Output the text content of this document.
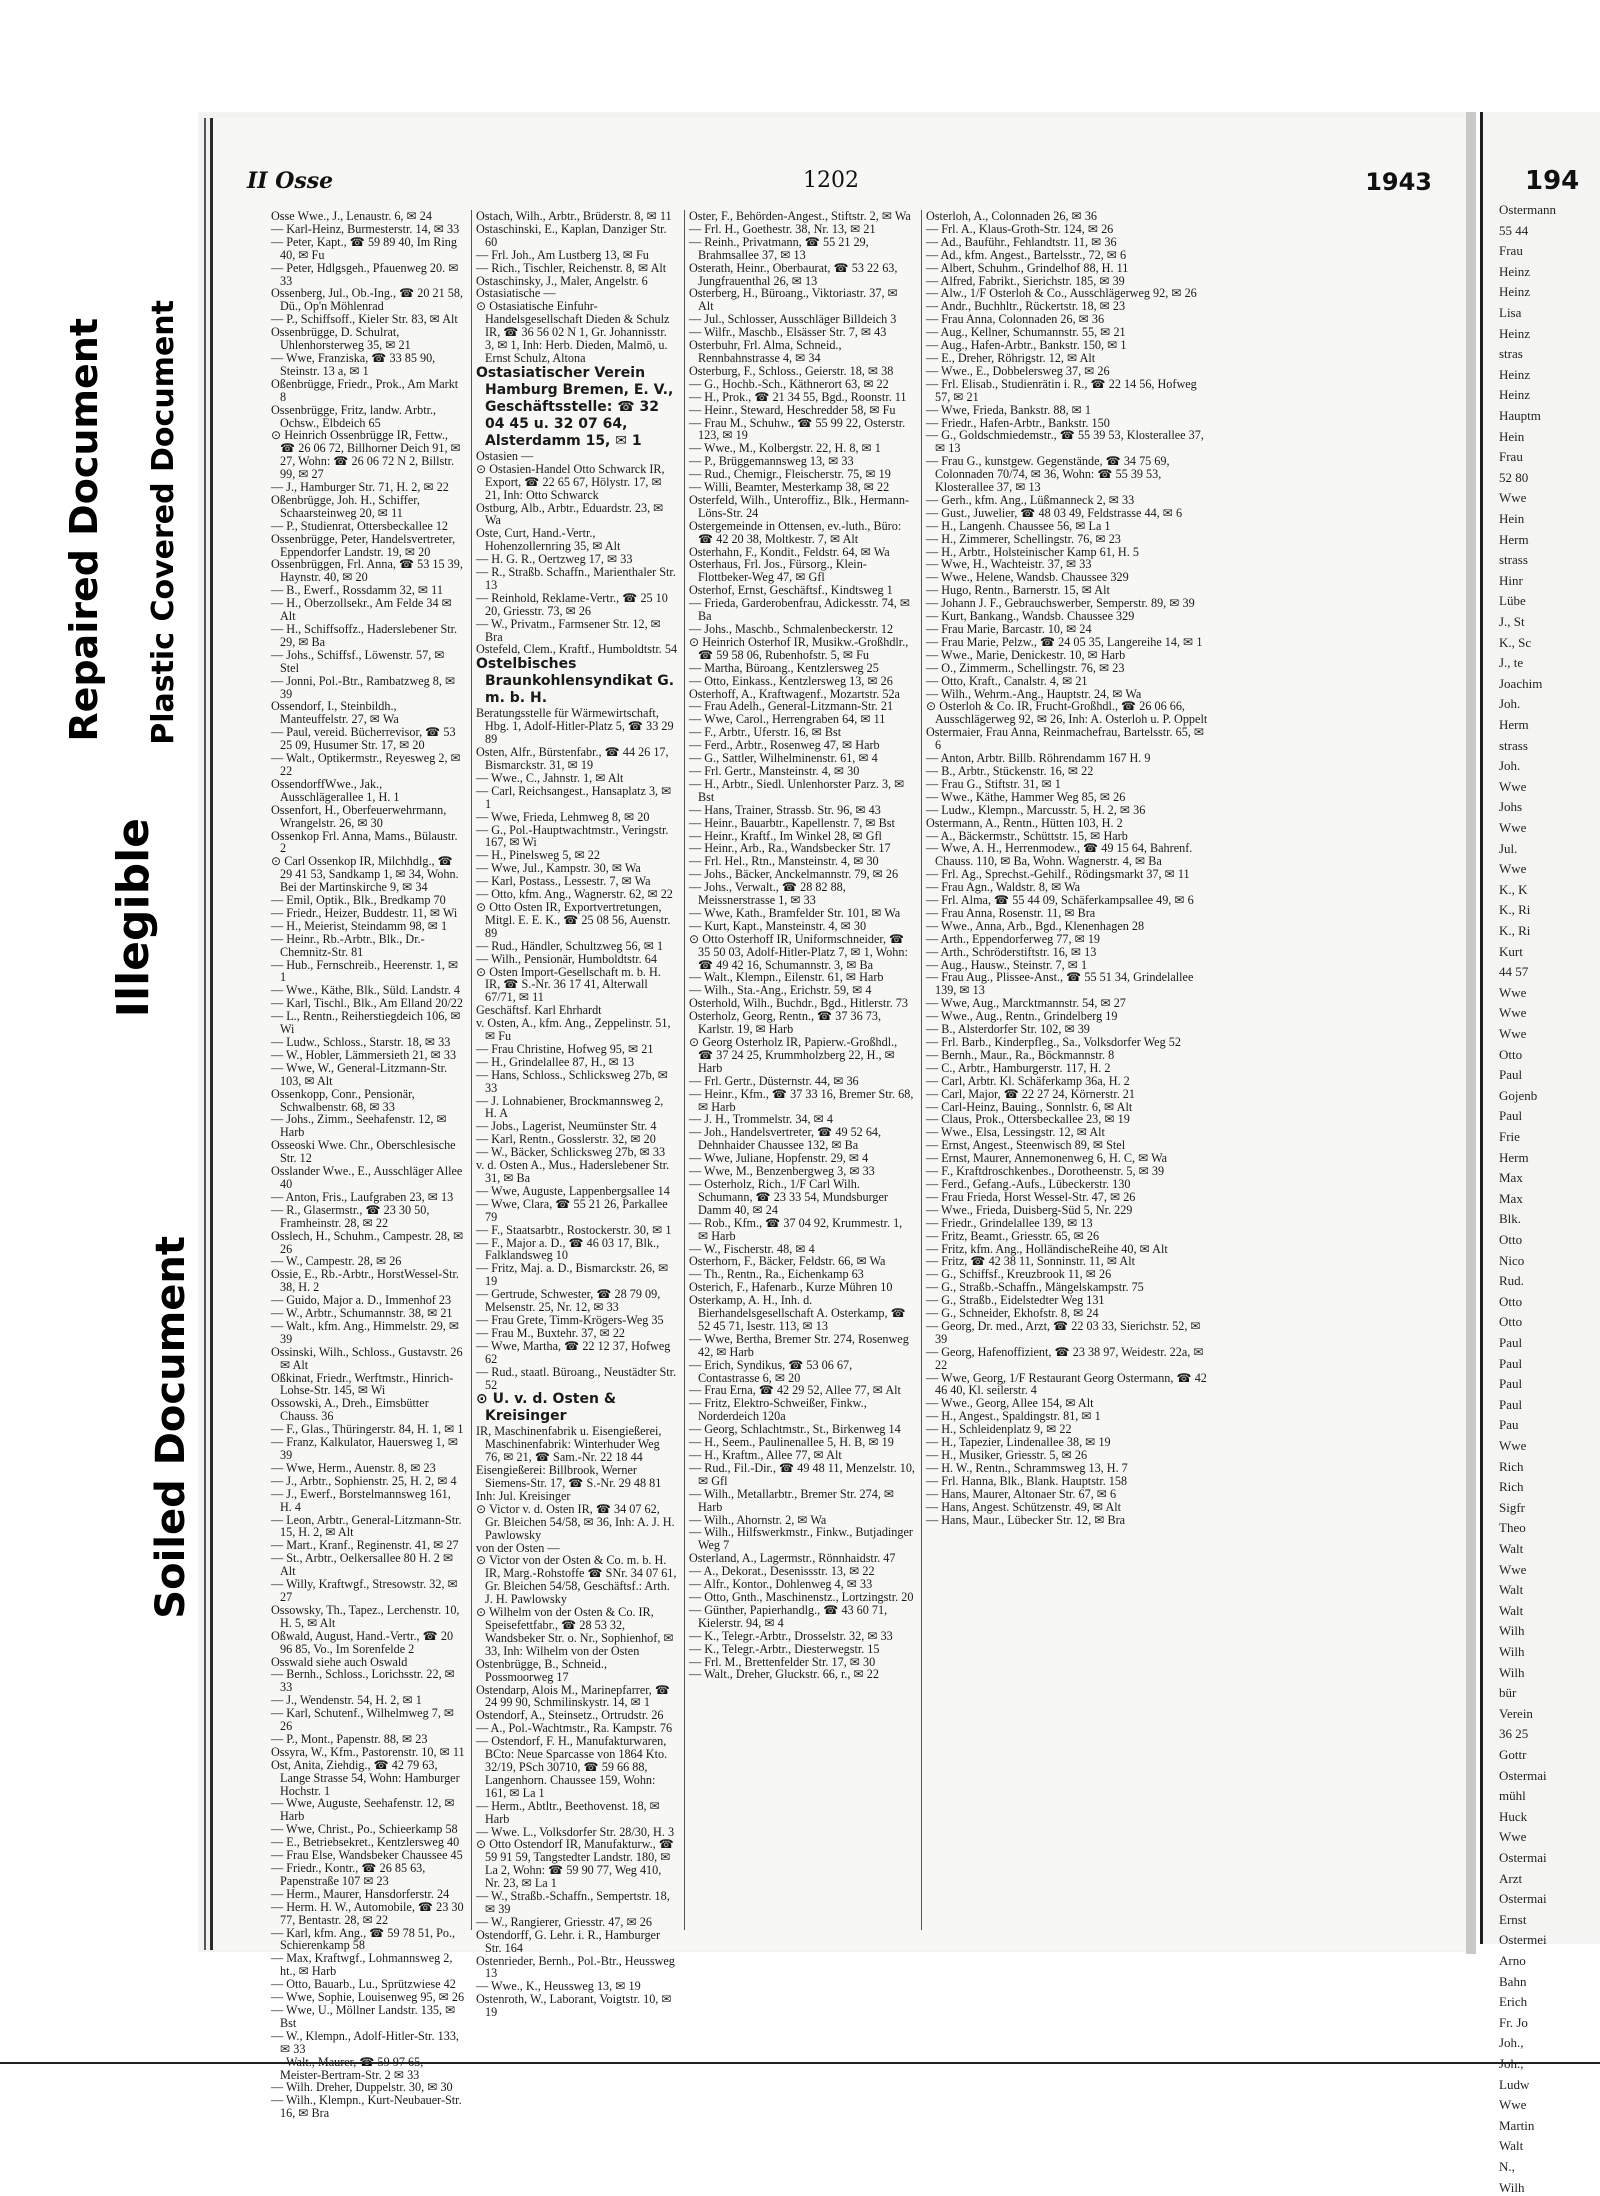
Repaired Document Plastic Covered Document
Illegible
Soiled Document
II Osse	1202	1943

Osse Wwe., J., Lenaustr. 6, ✉ 24

— Karl-Heinz, Burmesterstr. 14, ✉ 33

— Peter, Kapt., ☎ 59 89 40, Im Ring 40, ✉ Fu

— Peter, Hdlgsgeh., Pfauenweg 20. ✉ 33

Ossenberg, Jul., Ob.-Ing., ☎ 20 21 58, Dü., Op'n Möhlenrad

— P., Schiffsoff., Kieler Str. 83, ✉ Alt

Ossenbrügge, D. Schulrat, Uhlenhorsterweg 35, ✉ 21

— Wwe, Franziska, ☎ 33 85 90, Steinstr. 13 a, ✉ 1

Oßenbrügge, Friedr., Prok., Am Markt 8

Ossenbrügge, Fritz, landw. Arbtr., Ochsw., Elbdeich 65

⊙ Heinrich Ossenbrügge IR, Fettw., ☎ 26 06 72, Billhorner Deich 91, ✉ 27, Wohn: ☎ 26 06 72 N 2, Billstr. 99, ✉ 27

— J., Hamburger Str. 71, H. 2, ✉ 22

Oßenbrügge, Joh. H., Schiffer, Schaarsteinweg 20, ✉ 11

— P., Studienrat, Ottersbeckallee 12

Ossenbrügge, Peter, Handelsvertreter, Eppendorfer Landstr. 19, ✉ 20

Ossenbrüggen, Frl. Anna, ☎ 53 15 39, Haynstr. 40, ✉ 20

— B., Ewerf., Rossdamm 32, ✉ 11

— H., Oberzollsekr., Am Felde 34 ✉ Alt

— H., Schiffsoffz., Haderslebener Str. 29, ✉ Ba

— Johs., Schiffsf., Löwenstr. 57, ✉ Stel

— Jonni, Pol.-Btr., Rambatzweg 8, ✉ 39

Ossendorf, I., Steinbildh., Manteuffelstr. 27, ✉ Wa

— Paul, vereid. Bücherrevisor, ☎ 53 25 09, Husumer Str. 17, ✉ 20

— Walt., Optikermstr., Reyesweg 2, ✉ 22

OssendorffWwe., Jak., Ausschlägerallee 1, H. 1

Ossenfort, H., Oberfeuerwehrmann, Wrangelstr. 26, ✉ 30

Ossenkop Frl. Anna, Mams., Bülaustr. 2

⊙ Carl Ossenkop IR, Milchhdlg., ☎ 29 41 53, Sandkamp 1, ✉ 34, Wohn. Bei der Martinskirche 9, ✉ 34

— Emil, Optik., Blk., Bredkamp 70

— Friedr., Heizer, Buddestr. 11, ✉ Wi

— H., Meierist, Steindamm 98, ✉ 1

— Heinr., Rb.-Arbtr., Blk., Dr.-Chemnitz-Str. 81

— Hub., Fernschreib., Heerenstr. 1, ✉ 1

— Wwe., Käthe, Blk., Süld. Landstr. 4

— Karl, Tischl., Blk., Am Elland 20/22

— L., Rentn., Reiherstiegdeich 106, ✉ Wi

— Ludw., Schloss., Starstr. 18, ✉ 33

— W., Hobler, Lämmersieth 21, ✉ 33

— Wwe, W., General-Litzmann-Str. 103, ✉ Alt

Ossenkopp, Conr., Pensionär, Schwalbenstr. 68, ✉ 33

— Johs., Zimm., Seehafenstr. 12, ✉ Harb

Osseoski Wwe. Chr., Oberschlesische Str. 12

Osslander Wwe., E., Ausschläger Allee 40

— Anton, Fris., Laufgraben 23, ✉ 13

— R., Glasermstr., ☎ 23 30 50, Framheinstr. 28, ✉ 22

Osslech, H., Schuhm., Campestr. 28, ✉ 26

— W., Campestr. 28, ✉ 26

Ossie, E., Rb.-Arbtr., HorstWessel-Str. 38, H. 2

— Guido, Major a. D., Immenhof 23

— W., Arbtr., Schumannstr. 38, ✉ 21

— Walt., kfm. Ang., Himmelstr. 29, ✉ 39

Ossinski, Wilh., Schloss., Gustavstr. 26 ✉ Alt

Oßkinat, Friedr., Werftmstr., Hinrich-Lohse-Str. 145, ✉ Wi

Ossowski, A., Dreh., Eimsbütter Chauss. 36

— F., Glas., Thüringerstr. 84, H. 1, ✉ 1

— Franz, Kalkulator, Hauersweg 1, ✉ 39

— Wwe, Herm., Auenstr. 8, ✉ 23

— J., Arbtr., Sophienstr. 25, H. 2, ✉ 4

— J., Ewerf., Borstelmannsweg 161, H. 4

— Leon, Arbtr., General-Litzmann-Str. 15, H. 2, ✉ Alt

— Mart., Kranf., Reginenstr. 41, ✉ 27

— St., Arbtr., Oelkersallee 80 H. 2 ✉ Alt

— Willy, Kraftwgf., Stresowstr. 32, ✉ 27

Ossowsky, Th., Tapez., Lerchenstr. 10, H. 5, ✉ Alt

Oßwald, August, Hand.-Vertr., ☎ 20 96 85, Vo., Im Sorenfelde 2

Osswald siehe auch Oswald

— Bernh., Schloss., Lorichsstr. 22, ✉ 33

— J., Wendenstr. 54, H. 2, ✉ 1

— Karl, Schutenf., Wilhelmweg 7, ✉ 26

— P., Mont., Papenstr. 88, ✉ 23

Ossyra, W., Kfm., Pastorenstr. 10, ✉ 11

Ost, Anita, Ziehdig., ☎ 42 79 63, Lange Strasse 54, Wohn: Hamburger Hochstr. 1

— Wwe, Auguste, Seehafenstr. 12, ✉ Harb

— Wwe, Christ., Po., Schieerkamp 58

— E., Betriebsekret., Kentzlersweg 40

— Frau Else, Wandsbeker Chaussee 45

— Friedr., Kontr., ☎ 26 85 63, Papenstraße 107 ✉ 23

— Herm., Maurer, Hansdorferstr. 24

— Herm. H. W., Automobile, ☎ 23 30 77, Bentastr. 28, ✉ 22

— Karl, kfm. Ang., ☎ 59 78 51, Po., Schierenkamp 58

— Max, Kraftwgf., Lohmannsweg 2, ht., ✉ Harb

— Otto, Bauarb., Lu., Sprützwiese 42

— Wwe, Sophie, Louisenweg 95, ✉ 26

— Wwe, U., Möllner Landstr. 135, ✉ Bst

— W., Klempn., Adolf-Hitler-Str. 133, ✉ 33

Meister-Bertram-Str. 2 ✉ 33

— Wilh. Dreher, Duppelstr. 30, ✉ 30

— Wilh., Klempn., Kurt-Neubauer-Str. 16, ✉ Bra

Ostach, Wilh., Arbtr., Brüderstr. 8, ✉ 11

Ostaschinski, E., Kaplan, Danziger Str. 60

— Frl. Joh., Am Lustberg 13, ✉ Fu

— Rich., Tischler, Reichenstr. 8, ✉ Alt

Ostaschinsky, J., Maler, Angelstr. 6

Ostasiatische —

⊙ Ostasiatische Einfuhr-Handelsgesellschaft Dieden & Schulz IR, ☎ 36 56 02 N 1, Gr. Johannisstr. 3, ✉ 1, Inh: Herb. Dieden, Malmö, u. Ernst Schulz, Altona

Ostasiatischer Verein Hamburg Bremen, E. V., Geschäftsstelle: ☎ 32 04 45 u. 32 07 64, Alsterdamm 15, ✉ 1

Ostasien —

⊙ Ostasien-Handel Otto Schwarck IR, Export, ☎ 22 65 67, Hölystr. 17, ✉ 21, Inh: Otto Schwarck

Ostburg, Alb., Arbtr., Eduardstr. 23, ✉ Wa

Oste, Curt, Hand.-Vertr., Hohenzollernring 35, ✉ Alt

— H. G. R., Oertzweg 17, ✉ 33

— R., Straßb. Schaffn., Marienthaler Str. 13

— Reinhold, Reklame-Vertr., ☎ 25 10 20, Griesstr. 73, ✉ 26

— W., Privatm., Farmsener Str. 12, ✉ Bra

Ostefeld, Clem., Kraftf., Humboldtstr. 54

Ostelbisches Braunkohlensyndikat G. m. b. H.

Beratungsstelle für Wärmewirtschaft, Hbg. 1, Adolf-Hitler-Platz 5, ☎ 33 29 89

Osten, Alfr., Bürstenfabr., ☎ 44 26 17, Bismarckstr. 31, ✉ 19

— Wwe., C., Jahnstr. 1, ✉ Alt

— Carl, Reichsangest., Hansaplatz 3, ✉ 1

— Wwe, Frieda, Lehmweg 8, ✉ 20

— G., Pol.-Hauptwachtmstr., Veringstr. 167, ✉ Wi

— H., Pinelsweg 5, ✉ 22

— Wwe, Jul., Kampstr. 30, ✉ Wa

— Karl, Postass., Lessestr. 7, ✉ Wa

— Otto, kfm. Ang., Wagnerstr. 62, ✉ 22

⊙ Otto Osten IR, Exportvertretungen, Mitgl. E. E. K., ☎ 25 08 56, Auenstr. 89

— Rud., Händler, Schultzweg 56, ✉ 1

— Wilh., Pensionär, Humboldtstr. 64

⊙ Osten Import-Gesellschaft m. b. H. IR, ☎ S.-Nr. 36 17 41, Alterwall 67/71, ✉ 11

Geschäftsf. Karl Ehrhardt

v. Osten, A., kfm. Ang., Zeppelinstr. 51, ✉ Fu

— Frau Christine, Hofweg 95, ✉ 21

— H., Grindelallee 87, H., ✉ 13

— Hans, Schloss., Schlicksweg 27b, ✉ 33

— J. Lohnabiener, Brockmannsweg 2, H. A

— Jobs., Lagerist, Neumünster Str. 4

— Karl, Rentn., Gosslerstr. 32, ✉ 20

— W., Bäcker, Schlicksweg 27b, ✉ 33

v. d. Osten A., Mus., Haderslebener Str. 31, ✉ Ba

— Wwe, Auguste, Lappenbergsallee 14

— Wwe, Clara, ☎ 55 21 26, Parkallee 79

— F., Staatsarbtr., Rostockerstr. 30, ✉ 1

— F., Major a. D., ☎ 46 03 17, Blk., Falklandsweg 10

— Fritz, Maj. a. D., Bismarckstr. 26, ✉ 19

— Gertrude, Schwester, ☎ 28 79 09, Melsenstr. 25, Nr. 12, ✉ 33

— Frau Grete, Timm-Krögers-Weg 35

— Frau M., Buxtehr. 37, ✉ 22

— Wwe, Martha, ☎ 22 12 37, Hofweg 62

— Rud., staatl. Büroang., Neustädter Str. 52

⊙ U. v. d. Osten & Kreisinger

IR, Maschinenfabrik u. Eisengießerei, Maschinenfabrik: Winterhuder Weg 76, ✉ 21, ☎ Sam.-Nr. 22 18 44

Eisengießerei: Billbrook, Werner Siemens-Str. 17, ☎ S.-Nr. 29 48 81

Inh: Jul. Kreisinger

⊙ Victor v. d. Osten IR, ☎ 34 07 62, Gr. Bleichen 54/58, ✉ 36, Inh: A. J. H. Pawlowsky

von der Osten —

⊙ Victor von der Osten & Co. m. b. H. IR, Marg.-Rohstoffe ☎ SNr. 34 07 61, Gr. Bleichen 54/58, Geschäftsf.: Arth. J. H. Pawlowsky

⊙ Wilhelm von der Osten & Co. IR, Speisefettfabr., ☎ 28 53 32, Wandsbeker Str. o. Nr., Sophienhof, ✉ 33, Inh: Wilhelm von der Osten

Ostenbrügge, B., Schneid., Possmoorweg 17

Ostendarp, Alois M., Marinepfarrer, ☎ 24 99 90, Schmilinskystr. 14, ✉ 1

Ostendorf, A., Steinsetz., Ortrudstr. 26

— A., Pol.-Wachtmstr., Ra. Kampstr. 76

— Ostendorf, F. H., Manufakturwaren, BCto: Neue Sparcasse von 1864 Kto. 32/19, PSch 30710, ☎ 59 66 88, Langenhorn. Chaussee 159, Wohn: 161, ✉ La 1

— Herm., Abtltr., Beethovenst. 18, ✉ Harb

— Wwe. L., Volksdorfer Str. 28/30, H. 3

⊙ Otto Ostendorf IR, Manufakturw., ☎ 59 91 59, Tangstedter Landstr. 180, ✉ La 2, Wohn: ☎ 59 90 77, Weg 410, Nr. 23, ✉ La 1

— W., Straßb.-Schaffn., Sempertstr. 18, ✉ 39

— W., Rangierer, Griesstr. 47, ✉ 26

Ostendorff, G. Lehr. i. R., Hamburger Str. 164

Ostenrieder, Bernh., Pol.-Btr., Heussweg 13

— Wwe., K., Heussweg 13, ✉ 19

Ostenroth, W., Laborant, Voigtstr. 10, ✉ 19

Oster, F., Behörden-Angest., Stiftstr. 2, ✉ Wa

— Frl. H., Goethestr. 38, Nr. 13, ✉ 21

— Reinh., Privatmann, ☎ 55 21 29, Brahmsallee 37, ✉ 13

Osterath, Heinr., Oberbaurat, ☎ 53 22 63, Jungfrauenthal 26, ✉ 13

Osterberg, H., Büroang., Viktoriastr. 37, ✉ Alt

— Jul., Schlosser, Ausschläger Billdeich 3

— Wilfr., Maschb., Elsässer Str. 7, ✉ 43

Osterbuhr, Frl. Alma, Schneid., Rennbahnstrasse 4, ✉ 34

Osterburg, F., Schloss., Geierstr. 18, ✉ 38

— G., Hochb.-Sch., Käthnerort 63, ✉ 22

— H., Prok., ☎ 21 34 55, Bgd., Roonstr. 11

— Heinr., Steward, Heschredder 58, ✉ Fu

— Frau M., Schuhw., ☎ 55 99 22, Osterstr. 123, ✉ 19

— Wwe., M., Kolbergstr. 22, H. 8, ✉ 1

— P., Brüggemannsweg 13, ✉ 33

— Rud., Chemigr., Fleischerstr. 75, ✉ 19

— Willi, Beamter, Mesterkamp 38, ✉ 22

Osterfeld, Wilh., Unteroffiz., Blk., Hermann-Löns-Str. 24

Ostergemeinde in Ottensen, ev.-luth., Büro: ☎ 42 20 38, Moltkestr. 7, ✉ Alt

Osterhahn, F., Kondit., Feldstr. 64, ✉ Wa

Osterhaus, Frl. Jos., Fürsorg., Klein-Flottbeker-Weg 47, ✉ Gfl

Osterhof, Ernst, Geschäftsf., Kindtsweg 1

— Frieda, Garderobenfrau, Adickesstr. 74, ✉ Ba

— Johs., Maschb., Schmalenbeckerstr. 12

⊙ Heinrich Osterhof IR, Musikw.-Großhdlr., ☎ 59 58 06, Rubenhofstr. 5, ✉ Fu

— Martha, Büroang., Kentzlersweg 25

— Otto, Einkass., Kentzlersweg 13, ✉ 26

Osterhoff, A., Kraftwagenf., Mozartstr. 52a

— Frau Adelh., General-Litzmann-Str. 21

— Wwe, Carol., Herrengraben 64, ✉ 11

— F., Arbtr., Uferstr. 16, ✉ Bst

— Ferd., Arbtr., Rosenweg 47, ✉ Harb

— G., Sattler, Wilhelminenstr. 61, ✉ 4

— Frl. Gertr., Mansteinstr. 4, ✉ 30

— H., Arbtr., Siedl. Unlenhorster Parz. 3, ✉ Bst

— Hans, Trainer, Strassb. Str. 96, ✉ 43

— Heinr., Bauarbtr., Kapellenstr. 7, ✉ Bst

— Heinr., Kraftf., Im Winkel 28, ✉ Gfl

— Heinr., Arb., Ra., Wandsbecker Str. 17

— Frl. Hel., Rtn., Mansteinstr. 4, ✉ 30

— Johs., Bäcker, Anckelmannstr. 79, ✉ 26

— Johs., Verwalt., ☎ 28 82 88, Meissnerstrasse 1, ✉ 33

— Wwe, Kath., Bramfelder Str. 101, ✉ Wa

— Kurt, Kapt., Mansteinstr. 4, ✉ 30

⊙ Otto Osterhoff IR, Uniformschneider, ☎ 35 50 03, Adolf-Hitler-Platz 7, ✉ 1, Wohn: ☎ 49 42 16, Schumannstr. 3, ✉ Ba

— Walt., Klempn., Eilenstr. 61, ✉ Harb

— Wilh., Sta.-Ang., Erichstr. 59, ✉ 4

Osterhold, Wilh., Buchdr., Bgd., Hitlerstr. 73

Osterholz, Georg, Rentn., ☎ 37 36 73, Karlstr. 19, ✉ Harb

⊙ Georg Osterholz IR, Papierw.-Großhdl., ☎ 37 24 25, Krummholzberg 22, H., ✉ Harb

— Frl. Gertr., Düsternstr. 44, ✉ 36

— Heinr., Kfm., ☎ 37 33 16, Bremer Str. 68, ✉ Harb

— J. H., Trommelstr. 34, ✉ 4

— Joh., Handelsvertreter, ☎ 49 52 64, Dehnhaider Chaussee 132, ✉ Ba

— Wwe, Juliane, Hopfenstr. 29, ✉ 4

— Wwe, M., Benzenbergweg 3, ✉ 33

— Osterholz, Rich., 1/F Carl Wilh. Schumann, ☎ 23 33 54, Mundsburger Damm 40, ✉ 24

— Rob., Kfm., ☎ 37 04 92, Krummestr. 1, ✉ Harb

— W., Fischerstr. 48, ✉ 4

Osterhorn, F., Bäcker, Feldstr. 66, ✉ Wa

— Th., Rentn., Ra., Eichenkamp 63

Osterich, F., Hafenarb., Kurze Mühren 10

Osterkamp, A. H., Inh. d. Bierhandelsgesellschaft A. Osterkamp, ☎ 52 45 71, Isestr. 113, ✉ 13

— Wwe, Bertha, Bremer Str. 274, Rosenweg 42, ✉ Harb

— Erich, Syndikus, ☎ 53 06 67, Contastrasse 6, ✉ 20

— Frau Erna, ☎ 42 29 52, Allee 77, ✉ Alt

— Fritz, Elektro-Schweißer, Finkw., Norderdeich 120a

— Georg, Schlachtmstr., St., Birkenweg 14

— H., Seem., Paulinenallee 5, H. B, ✉ 19

— H., Kraftm., Allee 77, ✉ Alt

— Rud., Fil.-Dir., ☎ 49 48 11, Menzelstr. 10, ✉ Gfl

— Wilh., Metallarbtr., Bremer Str. 274, ✉ Harb

— Wilh., Ahornstr. 2, ✉ Wa

— Wilh., Hilfswerkmstr., Finkw., Butjadinger Weg 7

Osterland, A., Lagermstr., Rönnhaidstr. 47

— A., Dekorat., Desenissstr. 13, ✉ 22

— Alfr., Kontor., Dohlenweg 4, ✉ 33

— Otto, Gnth., Maschinenstz., Lortzingstr. 20

— Günther, Papierhandlg., ☎ 43 60 71, Kielerstr. 94, ✉ 4

— K., Telegr.-Arbtr., Drosselstr. 32, ✉ 33

— K., Telegr.-Arbtr., Diesterwegstr. 15

— Frl. M., Brettenfelder Str. 17, ✉ 30

— Walt., Dreher, Gluckstr. 66, r., ✉ 22

Osterloh, A., Colonnaden 26, ✉ 36

— Frl. A., Klaus-Groth-Str. 124, ✉ 26

— Ad., Bauführ., Fehlandtstr. 11, ✉ 36

— Ad., kfm. Angest., Bartelsstr., 72, ✉ 6

— Albert, Schuhm., Grindelhof 88, H. 11

— Alfred, Fabrikt., Sierichstr. 185, ✉ 39

— Alw., 1/F Osterloh & Co., Ausschlägerweg 92, ✉ 26

— Andr., Buchhltr., Rückertstr. 18, ✉ 23

— Frau Anna, Colonnaden 26, ✉ 36

— Aug., Kellner, Schumannstr. 55, ✉ 21

— Aug., Hafen-Arbtr., Bankstr. 150, ✉ 1

— E., Dreher, Röhrigstr. 12, ✉ Alt

— Wwe., E., Dobbelersweg 37, ✉ 26

— Frl. Elisab., Studienrätin i. R., ☎ 22 14 56, Hofweg 57, ✉ 21

— Wwe, Frieda, Bankstr. 88, ✉ 1

— Friedr., Hafen-Arbtr., Bankstr. 150

— G., Goldschmiedemstr., ☎ 55 39 53, Klosterallee 37, ✉ 13

— Frau G., kunstgew. Gegenstände, ☎ 34 75 69, Colonnaden 70/74, ✉ 36, Wohn: ☎ 55 39 53, Klosterallee 37, ✉ 13

— Gerh., kfm. Ang., Lüßmanneck 2, ✉ 33

— Gust., Juwelier, ☎ 48 03 49, Feldstrasse 44, ✉ 6

— H., Langenh. Chaussee 56, ✉ La 1

— H., Zimmerer, Schellingstr. 76, ✉ 23

— H., Arbtr., Holsteinischer Kamp 61, H. 5

— Wwe, H., Wachteistr. 37, ✉ 33

— Wwe., Helene, Wandsb. Chaussee 329

— Hugo, Rentn., Barnerstr. 15, ✉ Alt

— Johann J. F., Gebrauchswerber, Semperstr. 89, ✉ 39

— Kurt, Bankang., Wandsb. Chaussee 329

— Frau Marie, Barcastr. 10, ✉ 24

— Frau Marie, Pelzw., ☎ 24 05 35, Langereihe 14, ✉ 1

— Wwe., Marie, Denickestr. 10, ✉ Harb

— O., Zimmerm., Schellingstr. 76, ✉ 23

— Otto, Kraft., Canalstr. 4, ✉ 21

— Wilh., Wehrm.-Ang., Hauptstr. 24, ✉ Wa

⊙ Osterloh & Co. IR, Frucht-Großhdl., ☎ 26 06 66, Ausschlägerweg 92, ✉ 26, Inh: A. Osterloh u. P. Oppelt

Ostermaier, Frau Anna, Reinmachefrau, Bartelsstr. 65, ✉ 6

— Anton, Arbtr. Billb. Röhrendamm 167 H. 9

— B., Arbtr., Stückenstr. 16, ✉ 22

— Frau G., Stiftstr. 31, ✉ 1

— Wwe., Käthe, Hammer Weg 85, ✉ 26

— Ludw., Klempn., Marcusstr. 5, H. 2, ✉ 36

Ostermann, A., Rentn., Hütten 103, H. 2

— A., Bäckermstr., Schüttstr. 15, ✉ Harb

— Wwe, A. H., Herrenmodew., ☎ 49 15 64, Bahrenf. Chauss. 110, ✉ Ba, Wohn. Wagnerstr. 4, ✉ Ba

— Frl. Ag., Sprechst.-Gehilf., Rödingsmarkt 37, ✉ 11

— Frau Agn., Waldstr. 8, ✉ Wa

— Frl. Alma, ☎ 55 44 09, Schäferkampsallee 49, ✉ 6

— Frau Anna, Rosenstr. 11, ✉ Bra

— Wwe., Anna, Arb., Bgd., Klenenhagen 28

— Arth., Eppendorferweg 77, ✉ 19

— Arth., Schröderstiftstr. 16, ✉ 13

— Aug., Hausw., Steinstr. 7, ✉ 1

— Frau Aug., Plissee-Anst., ☎ 55 51 34, Grindelallee 139, ✉ 13

— Wwe, Aug., Marcktmannstr. 54, ✉ 27

— Wwe., Aug., Rentn., Grindelberg 19

— B., Alsterdorfer Str. 102, ✉ 39

— Frl. Barb., Kinderpfleg., Sa., Volksdorfer Weg 52

— Bernh., Maur., Ra., Böckmannstr. 8

— C., Arbtr., Hamburgerstr. 117, H. 2

— Carl, Arbtr. Kl. Schäferkamp 36a, H. 2

— Carl, Major, ☎ 22 27 24, Körnerstr. 21

— Carl-Heinz, Bauing., Sonnlstr. 6, ✉ Alt

— Claus, Prok., Ottersbeckallee 23, ✉ 19

— Wwe., Elsa, Lessingstr. 12, ✉ Alt

— Ernst, Angest., Steenwisch 89, ✉ Stel

— Ernst, Maurer, Annemonenweg 6, H. C, ✉ Wa

— F., Kraftdroschkenbes., Dorotheenstr. 5, ✉ 39

— Ferd., Gefang.-Aufs., Lübeckerstr. 130

— Frau Frieda, Horst Wessel-Str. 47, ✉ 26

— Wwe., Frieda, Duisberg-Süd 5, Nr. 229

— Friedr., Grindelallee 139, ✉ 13

— Fritz, Beamt., Griesstr. 65, ✉ 26

— Fritz, kfm. Ang., HolländischeReihe 40, ✉ Alt

— Fritz, ☎ 42 38 11, Sonninstr. 11, ✉ Alt

— G., Schiffsf., Kreuzbrook 11, ✉ 26

— G., Straßb.-Schaffn., Mängelskampstr. 75

— G., Straßb., Eidelstedter Weg 131

— G., Schneider, Ekhofstr. 8, ✉ 24

— Georg, Dr. med., Arzt, ☎ 22 03 33, Sierichstr. 52, ✉ 39

— Georg, Hafenoffizient, ☎ 23 38 97, Weidestr. 22a, ✉ 22

— Wwe, Georg, 1/F Restaurant Georg Ostermann, ☎ 42 46 40, Kl. seilerstr. 4

— Wwe., Georg, Allee 154, ✉ Alt

— H., Angest., Spaldingstr. 81, ✉ 1

— H., Schleidenplatz 9, ✉ 22

— H., Tapezier, Lindenallee 38, ✉ 19

— H., Musiker, Griesstr. 5, ✉ 26

— H. W., Rentn., Schrammsweg 13, H. 7

— Frl. Hanna, Blk., Blank. Hauptstr. 158

— Hans, Maurer, Altonaer Str. 67, ✉ 6

— Hans, Angest. Schützenstr. 49, ✉ Alt

— Hans, Maur., Lübecker Str. 12, ✉ Bra

194
Ostermann
55 44
Frau
Heinz
Heinz
Lisa
Heinz
stras
Heinz
Heinz
Hauptm
Hein
Frau
52 80
Wwe
Hein
Herm
strass
Hinr
Lübe
J., St
K., Sc
J., te
Joachim
Joh.
Herm
strass
Joh.
Wwe
Johs
Wwe
Jul.
Wwe
K., K
K., Ri
K., Ri
Kurt
44 57
Wwe
Wwe
Wwe
Otto
Paul
Gojenb
Paul
Frie
Herm
Max
Max
Blk.
Otto
Nico
Rud.
Otto
Otto
Paul
Paul
Paul
Paul
Pau
Wwe
Rich
Rich
Sigfr
Theo
Walt
Wwe
Walt
Walt
Wilh
Wilh
Wilh
bür
Verein
36 25
Gottr
Ostermai
mühl
Huck
Wwe
Ostermai
Arzt
Ostermai
Ernst
Ostermei
Arno
Bahn
Erich
Fr. Jo
Joh.,
Ludw
Wwe
Martin
Walt
N.,
Wilh
